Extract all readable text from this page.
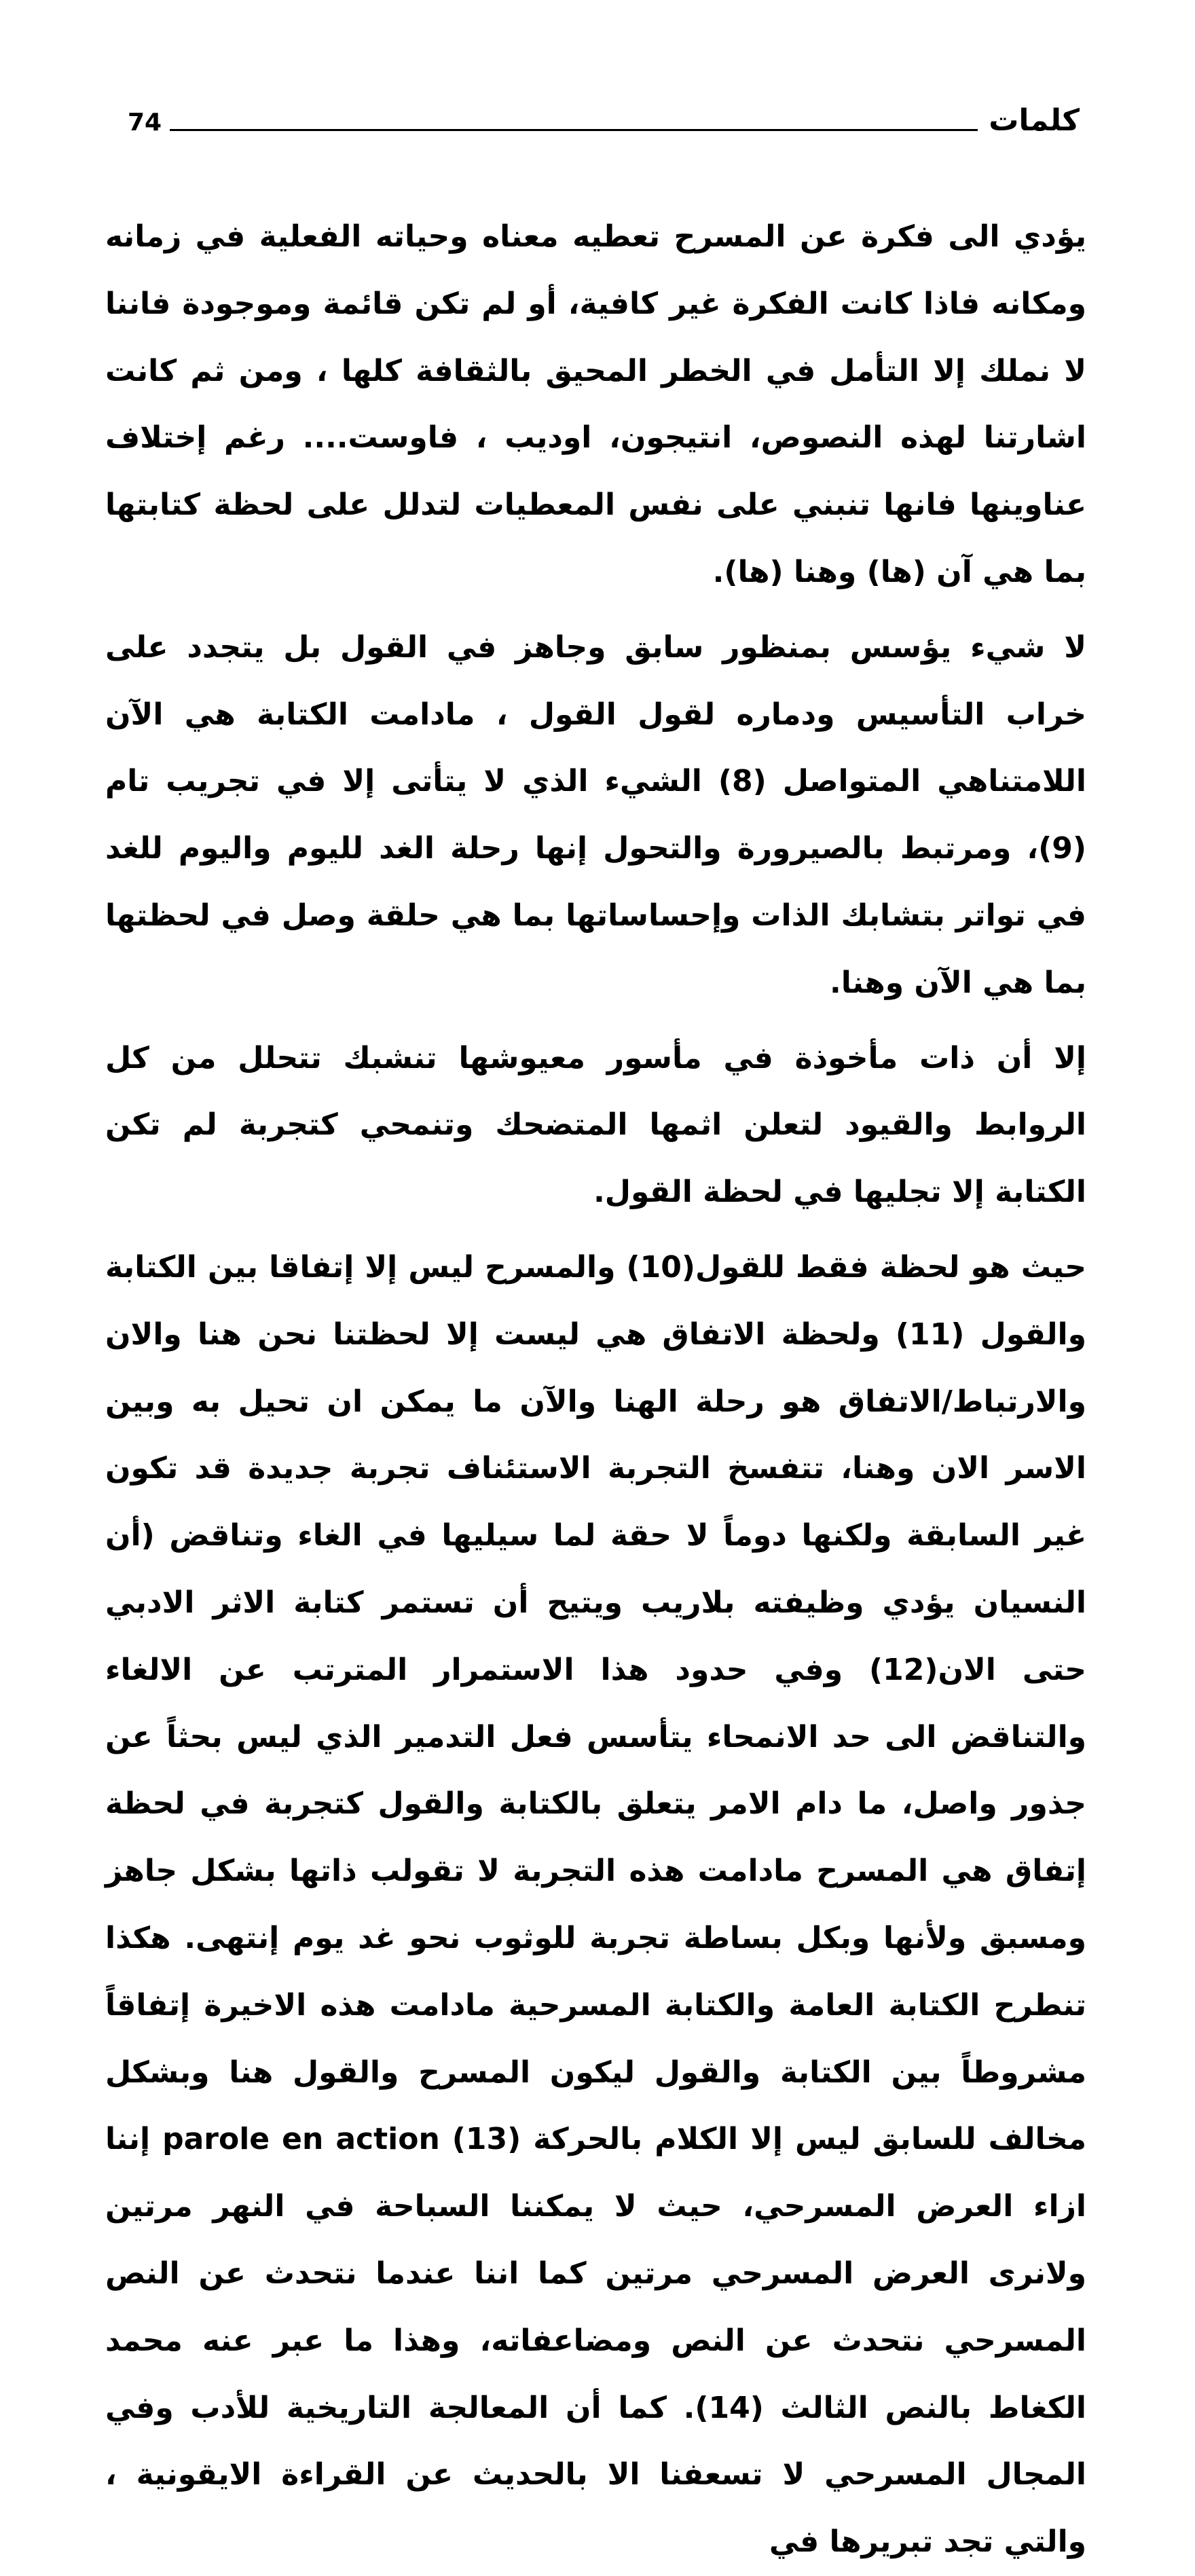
74	كلمات

يؤدي الى فكرة عن المسرح تعطيه معناه وحياته الفعلية في زمانه ومكانه فاذا كانت الفكرة غير كافية، أو لم تكن قائمة وموجودة فاننا لا نملك إلا التأمل في الخطر المحيق بالثقافة كلها ، ومن ثم كانت اشارتنا لهذه النصوص، انتيجون، اوديب ، فاوست.... رغم إختلاف عناوينها فانها تنبني على نفس المعطيات لتدلل على لحظة كتابتها بما هي آن (ها) وهنا (ها).

لا شيء يؤسس بمنظور سابق وجاهز في القول بل يتجدد على خراب التأسيس ودماره لقول القول ، مادامت الكتابة هي الآن اللامتناهي المتواصل (8) الشيء الذي لا يتأتى إلا في تجريب تام (9)، ومرتبط بالصيرورة والتحول إنها رحلة الغد لليوم واليوم للغد في تواتر بتشابك الذات وإحساساتها بما هي حلقة وصل في لحظتها بما هي الآن وهنا.

إلا أن ذات مأخوذة في مأسور معيوشها تنشبك تتحلل من كل الروابط والقيود لتعلن اثمها المتضحك وتنمحي كتجربة لم تكن الكتابة إلا تجليها في لحظة القول.

حيث هو لحظة فقط للقول(10) والمسرح ليس إلا إتفاقا بين الكتابة والقول (11) ولحظة الاتفاق هي ليست إلا لحظتنا نحن هنا والان والارتباط/الاتفاق هو رحلة الهنا والآن ما يمكن ان تحيل به وبين الاسر الان وهنا، تتفسخ التجربة الاستئناف تجربة جديدة قد تكون غير السابقة ولكنها دوماً لا حقة لما سيليها في الغاء وتناقض (أن النسيان يؤدي وظيفته بلاريب ويتيح أن تستمر كتابة الاثر الادبي حتى الان(12) وفي حدود هذا الاستمرار المترتب عن الالغاء والتناقض الى حد الانمحاء يتأسس فعل التدمير الذي ليس بحثاً عن جذور واصل، ما دام الامر يتعلق بالكتابة والقول كتجربة في لحظة إتفاق هي المسرح مادامت هذه التجربة لا تقولب ذاتها بشكل جاهز ومسبق ولأنها وبكل بساطة تجربة للوثوب نحو غد يوم إنتهى. هكذا تنطرح الكتابة العامة والكتابة المسرحية مادامت هذه الاخيرة إتفاقاً مشروطاً بين الكتابة والقول ليكون المسرح والقول هنا وبشكل مخالف للسابق ليس إلا الكلام بالحركة parole en action (13) إننا ازاء العرض المسرحي، حيث لا يمكننا السباحة في النهر مرتين ولانرى العرض المسرحي مرتين كما اننا عندما نتحدث عن النص المسرحي نتحدث عن النص ومضاعفاته، وهذا ما عبر عنه محمد الكغاط بالنص الثالث (14). كما أن المعالجة التاريخية للأدب وفي المجال المسرحي لا تسعفنا الا بالحديث عن القراءة الايقونية ، والتي تجد تبريرها في
